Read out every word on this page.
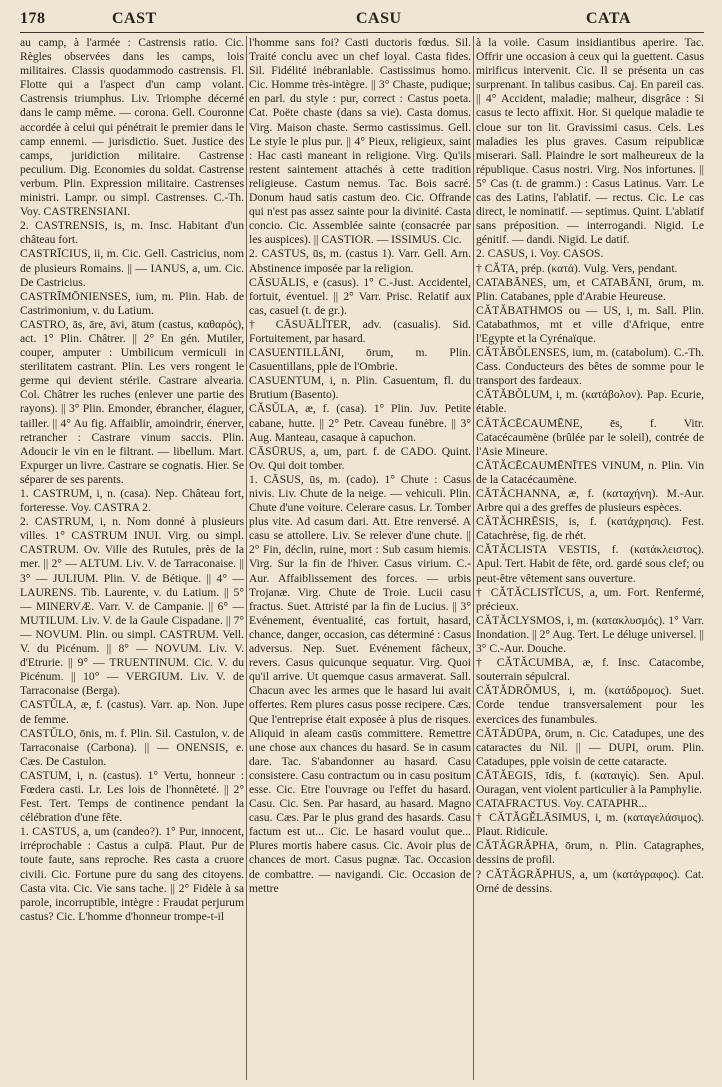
178	CAST	CASU	CATA

au camp, à l'armée : Castrensis ratio. Cic. Règles observées dans les camps, lois militaires. Classis quodammodo castrensis. Fl. Flotte qui a l'aspect d'un camp volant. Castrensis triumphus. Liv. Triomphe décerné dans le camp même. — corona. Gell. Couronne accordée à celui qui pénétrait le premier dans le camp ennemi. — jurisdictio. Suet. Justice des camps, juridiction militaire. Castrense peculium. Dig. Economies du soldat. Castrense verbum. Plin. Expression militaire. Castrenses ministri. Lampr. ou simpl. Castrenses. C.-Th. Voy. CASTRENSIANI.

2. CASTRENSIS, is, m. Insc. Habitant d'un château fort.

CASTRĪCIUS, ii, m. Cic. Gell. Castricius, nom de plusieurs Romains. || — IANUS, a, um. Cic. De Castricius.

CASTRĪMŌNIENSES, ium, m. Plin. Hab. de Castrimonium, v. du Latium.

CASTRO, ās, āre, āvi, ātum (castus, καθαρός), act. 1° Plin. Châtrer. || 2° En gén. Mutiler, couper, amputer : Umbilicum vermiculi in sterilitatem castrant. Plin. Les vers rongent le germe qui devient stérile. Castrare alvearia. Col. Châtrer les ruches (enlever une partie des rayons). || 3° Plin. Emonder, ébrancher, élaguer, tailler. || 4° Au fig. Affaiblir, amoindrir, énerver, retrancher : Castrare vinum saccis. Plin. Adoucir le vin en le filtrant. — libellum. Mart. Expurger un livre. Castrare se cognatis. Hier. Se séparer de ses parents.

1. CASTRUM, i, n. (casa). Nep. Château fort, forteresse. Voy. CASTRA 2.

2. CASTRUM, i, n. Nom donné à plusieurs villes. 1° CASTRUM INUI. Virg. ou simpl. CASTRUM. Ov. Ville des Rutules, près de la mer. || 2° — ALTUM. Liv. V. de Tarraconaise. || 3° — JULIUM. Plin. V. de Bétique. || 4° — LAURENS. Tib. Laurente, v. du Latium. || 5° — MINERVÆ. Varr. V. de Campanie. || 6° — MUTILUM. Liv. V. de la Gaule Cispadane. || 7° — NOVUM. Plin. ou simpl. CASTRUM. Vell. V. du Picénum. || 8° — NOVUM. Liv. V. d'Etrurie. || 9° — TRUENTINUM. Cic. V. du Picénum. || 10° — VERGIUM. Liv. V. de Tarraconaise (Berga).

CASTŬLA, æ, f. (castus). Varr. ap. Non. Jupe de femme.

CASTŬLO, ōnis, m. f. Plin. Sil. Castulon, v. de Tarraconaise (Carbona). || — ONENSIS, e. Cæs. De Castulon.

CASTUM, i, n. (castus). 1° Vertu, honneur : Fœdera casti. Lr. Les lois de l'honnêteté. || 2° Fest. Tert. Temps de continence pendant la célébration d'une fête.

1. CASTUS, a, um (candeo?). 1° Pur, innocent, irréprochable : Castus a culpā. Plaut. Pur de toute faute, sans reproche. Res casta a cruore civili. Cic. Fortune pure du sang des citoyens. Casta vita. Cic. Vie sans tache. || 2° Fidèle à sa parole, incorruptible, intègre : Fraudat perjurum castus? Cic. L'homme d'honneur trompe-t-il

l'homme sans foi? Casti ductoris fœdus. Sil. Traité conclu avec un chef loyal. Casta fides. Sil. Fidélité inébranlable. Castissimus homo. Cic. Homme très-intègre. || 3° Chaste, pudique; en parl. du style : pur, correct : Castus poeta. Cat. Poëte chaste (dans sa vie). Casta domus. Virg. Maison chaste. Sermo castissimus. Gell. Le style le plus pur. || 4° Pieux, religieux, saint : Hac casti maneant in religione. Virg. Qu'ils restent saintement attachés à cette tradition religieuse. Castum nemus. Tac. Bois sacré. Donum haud satis castum deo. Cic. Offrande qui n'est pas assez sainte pour la divinité. Casta concio. Cic. Assemblée sainte (consacrée par les auspices). || CASTIOR. — ISSIMUS. Cic.

2. CASTUS, ūs, m. (castus 1). Varr. Gell. Arn. Abstinence imposée par la religion.

CĀSUĀLIS, e (casus). 1° C.-Just. Accidentel, fortuit, éventuel. || 2° Varr. Prisc. Relatif aux cas, casuel (t. de gr.).

† CĀSUĀLĬTER, adv. (casualis). Sid. Fortuitement, par hasard.

CASUENTILLĀNI, ōrum, m. Plin. Casuentillans, pple de l'Ombrie.

CASUENTUM, i, n. Plin. Casuentum, fl. du Brutium (Basento).

CĂSŬLA, æ, f. (casa). 1° Plin. Juv. Petite cabane, hutte. || 2° Petr. Caveau funèbre. || 3° Aug. Manteau, casaque à capuchon.

CĀSŪRUS, a, um, part. f. de CADO. Quint. Ov. Qui doit tomber.

1. CĀSUS, ūs, m. (cado). 1° Chute : Casus nivis. Liv. Chute de la neige. — vehiculi. Plin. Chute d'une voiture. Celerare casus. Lr. Tomber plus vite. Ad casum dari. Att. Etre renversé. A casu se attollere. Liv. Se relever d'une chute. || 2° Fin, déclin, ruine, mort : Sub casum hiemis. Virg. Sur la fin de l'hiver. Casus virium. C.-Aur. Affaiblissement des forces. — urbis Trojanæ. Virg. Chute de Troie. Lucii casu fractus. Suet. Attristé par la fin de Lucius. || 3° Evénement, éventualité, cas fortuit, hasard, chance, danger, occasion, cas déterminé : Casus adversus. Nep. Suet. Evénement fâcheux, revers. Casus quicunque sequatur. Virg. Quoi qu'il arrive. Ut quemque casus armaverat. Sall. Chacun avec les armes que le hasard lui avait offertes. Rem plures casus posse recipere. Cæs. Que l'entreprise était exposée à plus de risques. Aliquid in aleam casūs committere. Remettre une chose aux chances du hasard. Se in casum dare. Tac. S'abandonner au hasard. Casu consistere. Casu contractum ou in casu positum esse. Cic. Etre l'ouvrage ou l'effet du hasard. Casu. Cic. Sen. Par hasard, au hasard. Magno casu. Cæs. Par le plus grand des hasards. Casu factum est ut... Cic. Le hasard voulut que... Plures mortis habere casus. Cic. Avoir plus de chances de mort. Casus pugnæ. Tac. Occasion de combattre. — navigandi. Cic. Occasion de mettre

à la voile. Casum insidiantibus aperire. Tac. Offrir une occasion à ceux qui la guettent. Casus mirificus intervenit. Cic. Il se présenta un cas surprenant. In talibus casibus. Caj. En pareil cas. || 4° Accident, maladie; malheur, disgrâce : Si casus te lecto affixit. Hor. Si quelque maladie te cloue sur ton lit. Gravissimi casus. Cels. Les maladies les plus graves. Casum reipublicæ miserari. Sall. Plaindre le sort malheureux de la république. Casus nostri. Virg. Nos infortunes. || 5° Cas (t. de gramm.) : Casus Latinus. Varr. Le cas des Latins, l'ablatif. — rectus. Cic. Le cas direct, le nominatif. — septimus. Quint. L'ablatif sans préposition. — interrogandi. Nigid. Le génitif. — dandi. Nigid. Le datif.

2. CASUS, i. Voy. CASOS.

† CĂTA, prép. (κατά). Vulg. Vers, pendant.

CATABĀNES, um, et CATABĀNI, ōrum, m. Plin. Catabanes, pple d'Arabie Heureuse.

CĂTĂBATHMOS ou — US, i, m. Sall. Plin. Catabathmos, mt et ville d'Afrique, entre l'Egypte et la Cyrénaïque.

CĂTĂBŎLENSES, ium, m. (catabolum). C.-Th. Cass. Conducteurs des bêtes de somme pour le transport des fardeaux.

CĂTĂBŎLUM, i, m. (κατάβολον). Pap. Ecurie, étable.

CĂTĂCĒCAUMĒNE, ēs, f. Vitr. Catacécaumène (brûlée par le soleil), contrée de l'Asie Mineure.

CĂTĂCĒCAUMĒNĪTES VINUM, n. Plin. Vin de la Catacécaumène.

CĂTĂCHANNA, æ, f. (καταχήνη). M.-Aur. Arbre qui a des greffes de plusieurs espèces.

CĂTĂCHRĒSIS, is, f. (κατάχρησις). Fest. Catachrèse, fig. de rhét.

CĂTĂCLISTA VESTIS, f. (κατάκλειστος). Apul. Tert. Habit de fête, ord. gardé sous clef; ou peut-être vêtement sans ouverture.

† CĂTĂCLISTĬCUS, a, um. Fort. Renfermé, précieux.

CĂTĂCLYSMOS, i, m. (κατακλυσμός). 1° Varr. Inondation. || 2° Aug. Tert. Le déluge universel. || 3° C.-Aur. Douche.

† CĂTĂCUMBA, æ, f. Insc. Catacombe, souterrain sépulcral.

CĂTĂDRŎMUS, i, m. (κατάδρομος). Suet. Corde tendue transversalement pour les exercices des funambules.

CĂTĂDŪPA, ōrum, n. Cic. Catadupes, une des cataractes du Nil. || — DUPI, orum. Plin. Catadupes, pple voisin de cette cataracte.

CĂTĂEGIS, īdis, f. (καταιγίς). Sen. Apul. Ouragan, vent violent particulier à la Pamphylie.

CATAFRACTUS. Voy. CATAPHR...

† CĂTĂGĔLĀSIMUS, i, m. (καταγελάσιμος). Plaut. Ridicule.

CĂTĂGRĂPHA, ōrum, n. Plin. Catagraphes, dessins de profil.

? CĂTĂGRĂPHUS, a, um (κατάγραφος). Cat. Orné de dessins.
